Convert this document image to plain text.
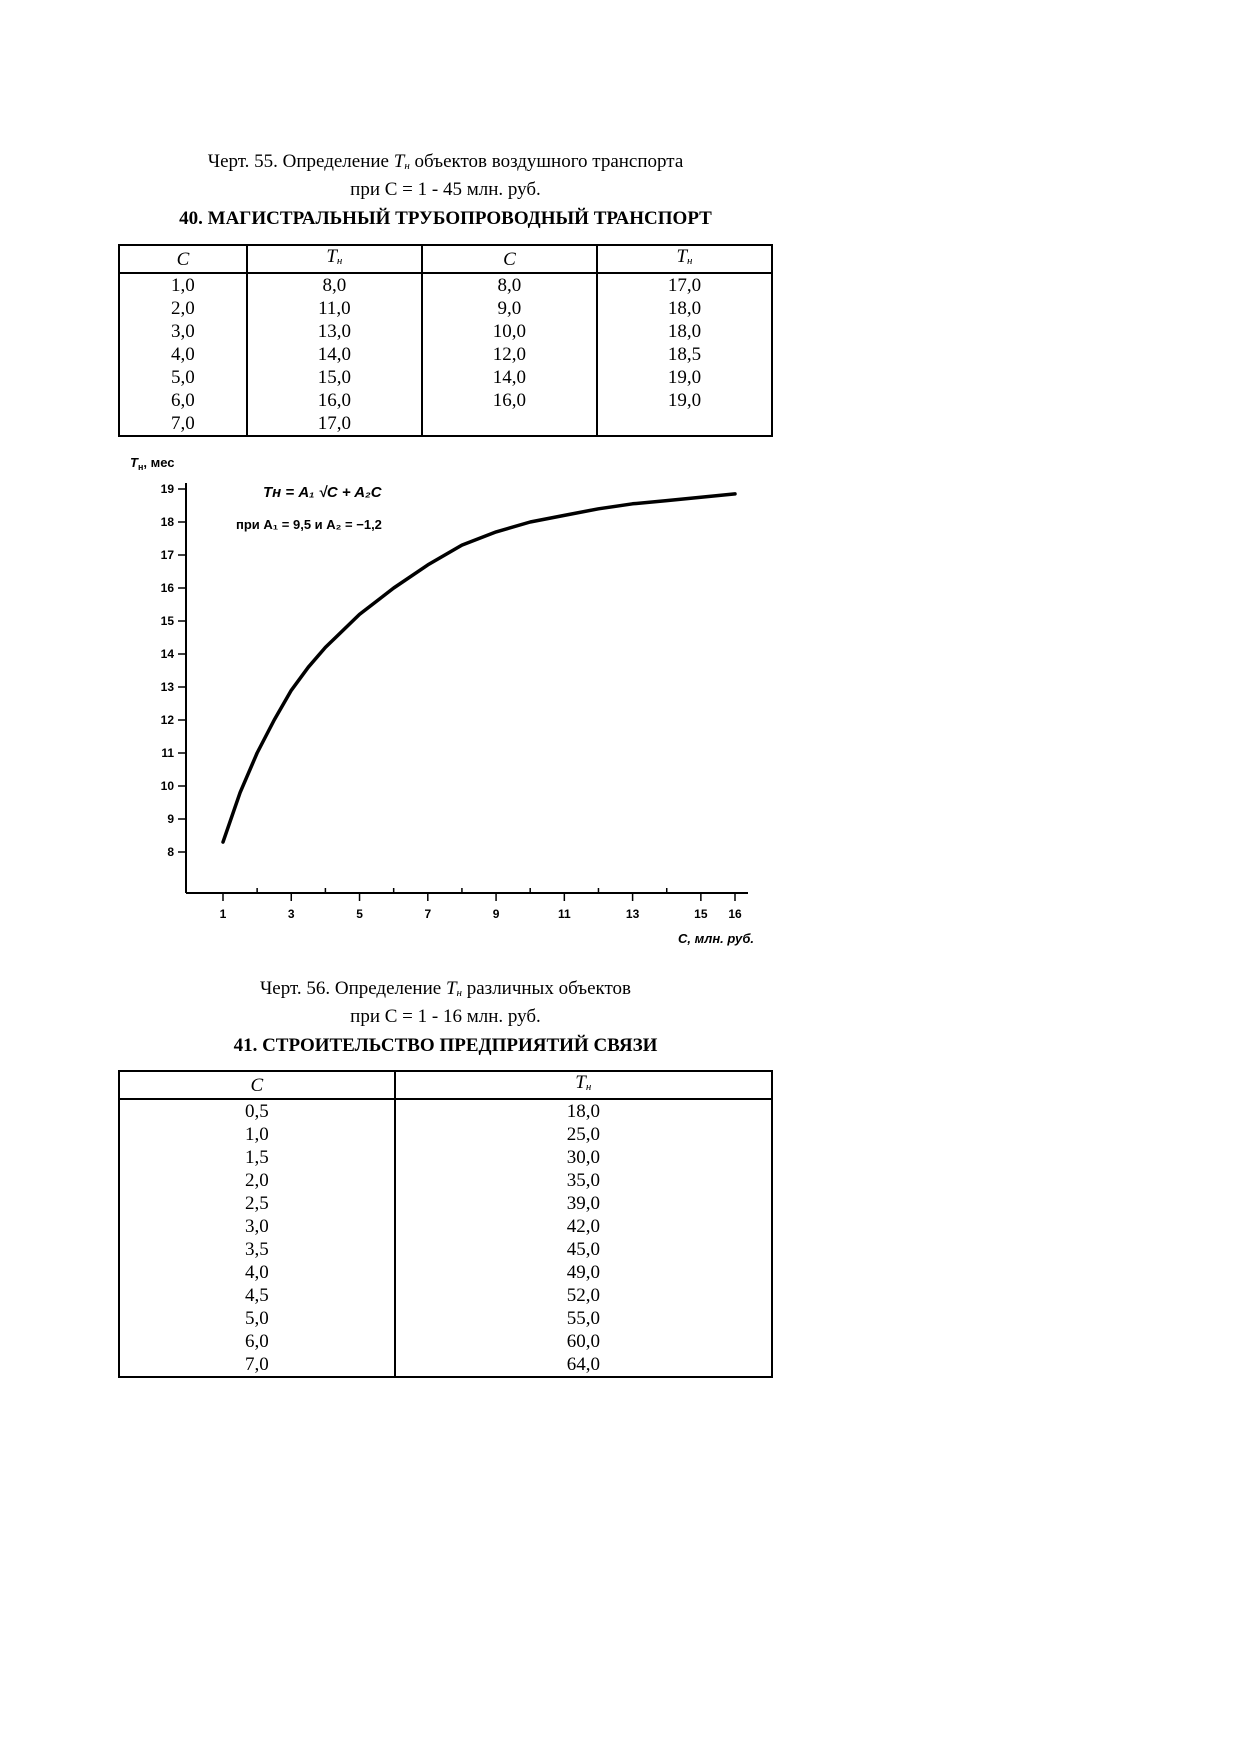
Черт. 55. Определение $T_н$ объектов воздушного транспорта
при С = 1 - 45 млн. руб.
40. МАГИСТРАЛЬНЫЙ ТРУБОПРОВОДНЫЙ ТРАНСПОРТ
C	$T_н$	C	$T_н$
1,0	8,0	8,0	17,0
2,0	11,0	9,0	18,0
3,0	13,0	10,0	18,0
4,0	14,0	12,0	18,5
5,0	15,0	14,0	19,0
6,0	16,0	16,0	19,0
7,0	17,0		
$T_н$, мес
8
9
10
11
12
13
14
15
16
17
18
19
1	3	5	7	9	11	13	15 16
С, млн. руб.
Tн = A₁ √C + A₂C
при A₁ = 9,5 и A₂ = −1,2
Черт. 56. Определение $T_н$ различных объектов
при С = 1 - 16 млн. руб.
41. СТРОИТЕЛЬСТВО ПРЕДПРИЯТИЙ СВЯЗИ
C	$T_н$
0,5	18,0
1,0	25,0
1,5	30,0
2,0	35,0
2,5	39,0
3,0	42,0
3,5	45,0
4,0	49,0
4,5	52,0
5,0	55,0
6,0	60,0
7,0	64,0
